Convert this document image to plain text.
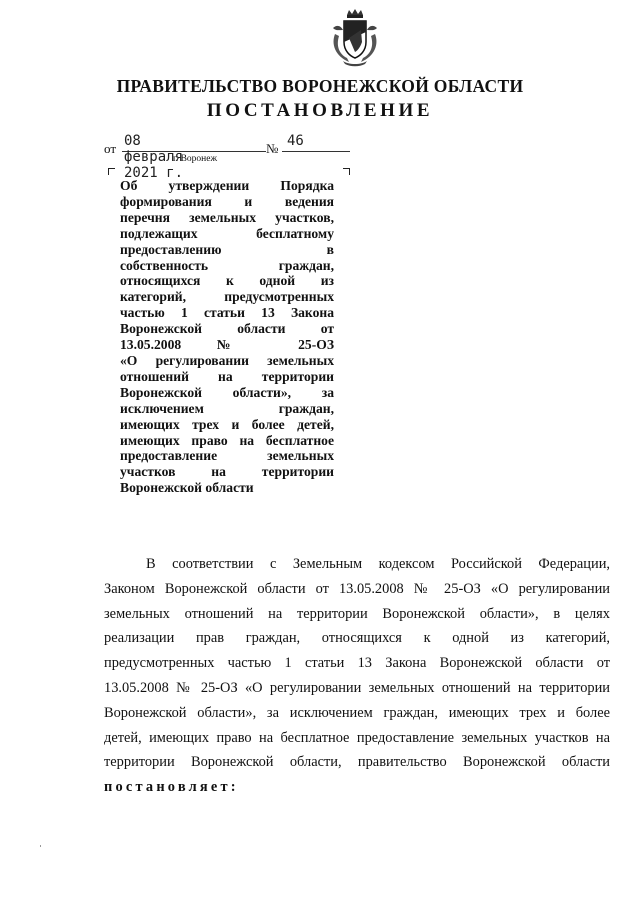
ПРАВИТЕЛЬСТВО ВОРОНЕЖСКОЙ ОБЛАСТИ
ПОСТАНОВЛЕНИЕ
от 08 февраля 2021 г.
№ 46
г. Воронеж
Об утверждении Порядка
формирования и ведения
перечня земельных участков,
подлежащих бесплатному
предоставлению в
собственность граждан,
относящихся к одной из
категорий, предусмотренных
частью 1 статьи 13 Закона
Воронежской области от
13.05.2008 № 25-ОЗ
«О регулировании земельных
отношений на территории
Воронежской области», за
исключением граждан,
имеющих трех и более детей,
имеющих право на бесплатное
предоставление земельных
участков на территории
Воронежской области
В соответствии с Земельным кодексом Российской Федерации,
Законом Воронежской области от 13.05.2008 № 25-ОЗ «О регулировании
земельных отношений на территории Воронежской области», в целях
реализации прав граждан, относящихся к одной из категорий,
предусмотренных частью 1 статьи 13 Закона Воронежской области от
13.05.2008 № 25-ОЗ «О регулировании земельных отношений на территории
Воронежской области», за исключением граждан, имеющих трех и более
детей, имеющих право на бесплатное предоставление земельных участков на
территории Воронежской области, правительство Воронежской области
постановляет:
